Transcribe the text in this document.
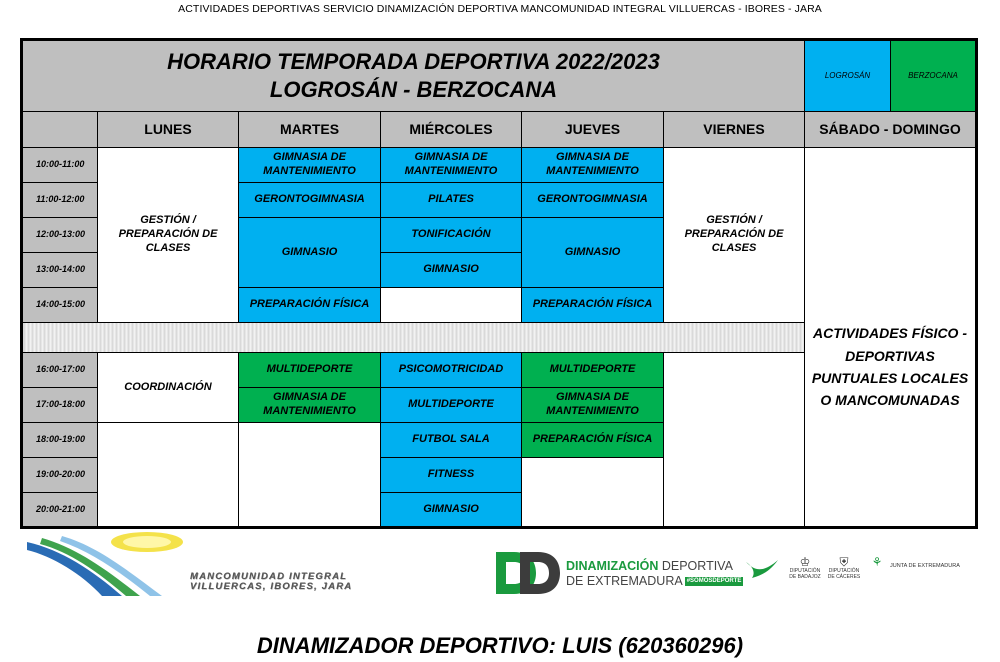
ACTIVIDADES DEPORTIVAS SERVICIO DINAMIZACIÓN DEPORTIVA MANCOMUNIDAD INTEGRAL VILLUERCAS - IBORES - JARA
HORARIO TEMPORADA DEPORTIVA 2022/2023
LOGROSÁN - BERZOCANA						LOGROSÁN	BERZOCANA
	LUNES	MARTES	MIÉRCOLES	JUEVES	VIERNES	SÁBADO - DOMINGO	
10:00-11:00	GESTIÓN / PREPARACIÓN DE CLASES	GIMNASIA DE MANTENIMIENTO	GIMNASIA DE MANTENIMIENTO	GIMNASIA DE MANTENIMIENTO	GESTIÓN / PREPARACIÓN DE CLASES	ACTIVIDADES FÍSICO - DEPORTIVAS PUNTUALES LOCALES O MANCOMUNADAS	

11:00-12:00		GERONTOGIMNASIA	PILATES	GERONTOGIMNASIA			
12:00-13:00		GIMNASIO	TONIFICACIÓN	GIMNASIO			
13:00-14:00			GIMNASIO				
14:00-15:00		PREPARACIÓN FÍSICA		PREPARACIÓN FÍSICA			

16:00-17:00	COORDINACIÓN	MULTIDEPORTE	PSICOMOTRICIDAD	MULTIDEPORTE			
17:00-18:00		GIMNASIA DE MANTENIMIENTO	MULTIDEPORTE	GIMNASIA DE MANTENIMIENTO			
18:00-19:00			FUTBOL SALA	PREPARACIÓN FÍSICA			
19:00-20:00			FITNESS				
20:00-21:00			GIMNASIO				
MANCOMUNIDAD INTEGRAL
VILLUERCAS, IBORES, JARA
DINAMIZACIÓN DEPORTIVA
DE EXTREMADURA #SOMOSDEPORTE
♔
DIPUTACIÓN DE BADAJOZ
⛨
DIPUTACIÓN DE CÁCERES
⚘	JUNTA DE EXTREMADURA
DINAMIZADOR DEPORTIVO: LUIS (620360296)
